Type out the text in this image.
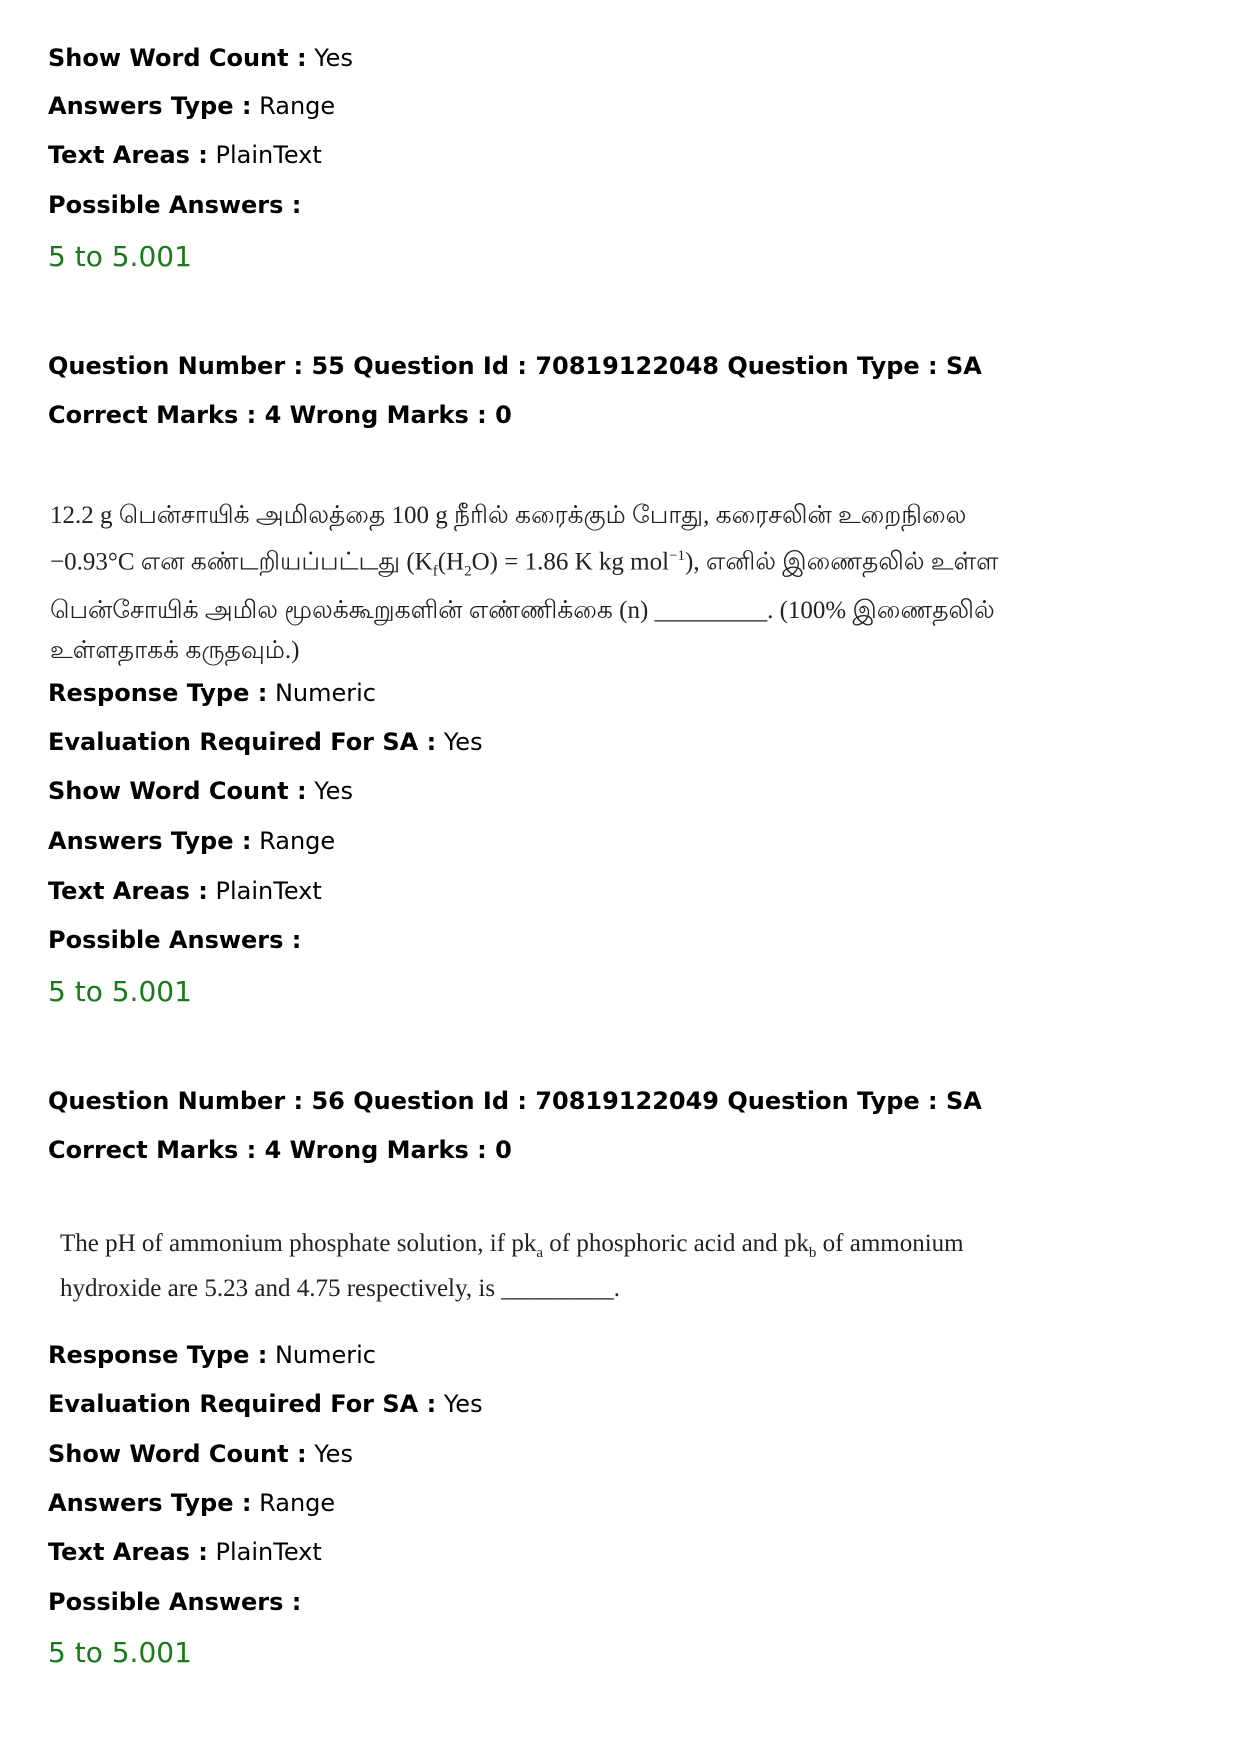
Show Word Count : Yes
Answers Type : Range
Text Areas : PlainText
Possible Answers :
5 to 5.001
Question Number : 55 Question Id : 70819122048 Question Type : SA
Correct Marks : 4 Wrong Marks : 0
12.2 g பென்சாயிக் அமிலத்தை 100 g நீரில் கரைக்கும் போது, கரைசலின் உறைநிலை
−0.93°C என கண்டறியப்பட்டது ($K_f(H_2O) = 1.86$ K kg mol$^{-1}$), எனில் இணைதலில் உள்ள
பென்சோயிக் அமில மூலக்கூறுகளின் எண்ணிக்கை (n) _________. (100% இணைதலில்
உள்ளதாகக் கருதவும்.)
Response Type : Numeric
Evaluation Required For SA : Yes
Show Word Count : Yes
Answers Type : Range
Text Areas : PlainText
Possible Answers :
5 to 5.001
Question Number : 56 Question Id : 70819122049 Question Type : SA
Correct Marks : 4 Wrong Marks : 0
The pH of ammonium phosphate solution, if $pk_a$ of phosphoric acid and $pk_b$ of ammonium
hydroxide are 5.23 and 4.75 respectively, is _________.
Response Type : Numeric
Evaluation Required For SA : Yes
Show Word Count : Yes
Answers Type : Range
Text Areas : PlainText
Possible Answers :
5 to 5.001
